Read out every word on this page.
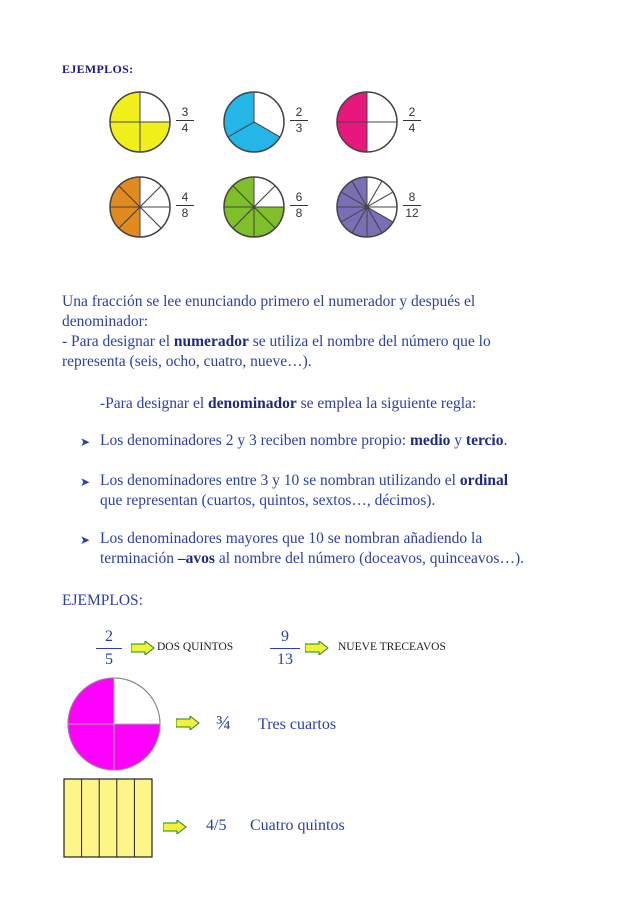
EJEMPLOS:
3
4
2
3
2
4
4
8
6
8
8
12
Una fracción se lee enunciando primero el numerador y después el
denominador:
- Para designar el numerador se utiliza el nombre del número que lo
representa (seis, ocho, cuatro, nueve…).
-Para designar el denominador se emplea la siguiente regla:
➤ Los denominadores 2 y 3 reciben nombre propio: medio y tercio.
➤ Los denominadores entre 3 y 10 se nombran utilizando el ordinal
que representan (cuartos, quintos, sextos…, décimos).
➤ Los denominadores mayores que 10 se nombran añadiendo la
terminación –avos al nombre del número (doceavos, quinceavos…).
EJEMPLOS:
2
5
DOS QUINTOS
9
13
NUEVE TRECEAVOS
¾ Tres cuartos
4/5 Cuatro quintos
